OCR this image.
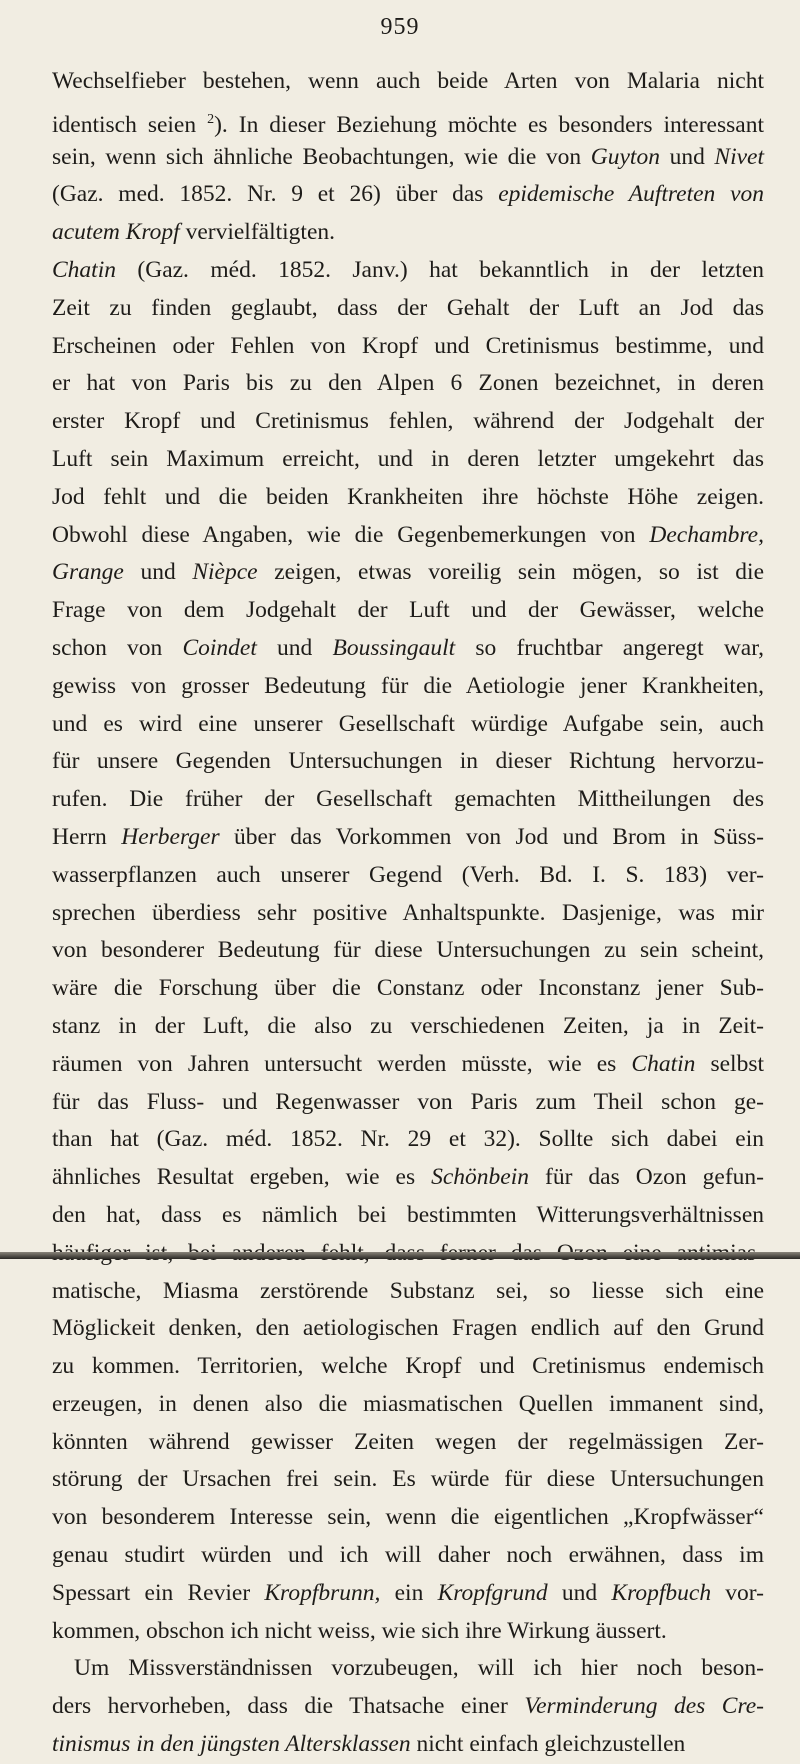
959
Wechselfieber bestehen, wenn auch beide Arten von Malaria nicht
identisch seien $^2$). In dieser Beziehung möchte es besonders interessant
sein, wenn sich ähnliche Beobachtungen, wie die von Guyton und Nivet
(Gaz. med. 1852. Nr. 9 et 26) über das epidemische Auftreten von
acutem Kropf vervielfältigten.
Chatin (Gaz. méd. 1852. Janv.) hat bekanntlich in der letzten
Zeit zu finden geglaubt, dass der Gehalt der Luft an Jod das
Erscheinen oder Fehlen von Kropf und Cretinismus bestimme, und
er hat von Paris bis zu den Alpen 6 Zonen bezeichnet, in deren
erster Kropf und Cretinismus fehlen, während der Jodgehalt der
Luft sein Maximum erreicht, und in deren letzter umgekehrt das
Jod fehlt und die beiden Krankheiten ihre höchste Höhe zeigen.
Obwohl diese Angaben, wie die Gegenbemerkungen von Dechambre,
Grange und Nièpce zeigen, etwas voreilig sein mögen, so ist die
Frage von dem Jodgehalt der Luft und der Gewässer, welche
schon von Coindet und Boussingault so fruchtbar angeregt war,
gewiss von grosser Bedeutung für die Aetiologie jener Krankheiten,
und es wird eine unserer Gesellschaft würdige Aufgabe sein, auch
für unsere Gegenden Untersuchungen in dieser Richtung hervorzu-
rufen. Die früher der Gesellschaft gemachten Mittheilungen des
Herrn Herberger über das Vorkommen von Jod und Brom in Süss-
wasserpflanzen auch unserer Gegend (Verh. Bd. I. S. 183) ver-
sprechen überdiess sehr positive Anhaltspunkte. Dasjenige, was mir
von besonderer Bedeutung für diese Untersuchungen zu sein scheint,
wäre die Forschung über die Constanz oder Inconstanz jener Sub-
stanz in der Luft, die also zu verschiedenen Zeiten, ja in Zeit-
räumen von Jahren untersucht werden müsste, wie es Chatin selbst
für das Fluss- und Regenwasser von Paris zum Theil schon ge-
than hat (Gaz. méd. 1852. Nr. 29 et 32). Sollte sich dabei ein
ähnliches Resultat ergeben, wie es Schönbein für das Ozon gefun-
den hat, dass es nämlich bei bestimmten Witterungsverhältnissen
matische, Miasma zerstörende Substanz sei, so liesse sich eine
Möglickeit denken, den aetiologischen Fragen endlich auf den Grund
zu kommen. Territorien, welche Kropf und Cretinismus endemisch
erzeugen, in denen also die miasmatischen Quellen immanent sind,
könnten während gewisser Zeiten wegen der regelmässigen Zer-
störung der Ursachen frei sein. Es würde für diese Untersuchungen
von besonderem Interesse sein, wenn die eigentlichen „Kropfwässer“
genau studirt würden und ich will daher noch erwähnen, dass im
Spessart ein Revier Kropfbrunn, ein Kropfgrund und Kropfbuch vor-
kommen, obschon ich nicht weiss, wie sich ihre Wirkung äussert.
Um Missverständnissen vorzubeugen, will ich hier noch beson-
ders hervorheben, dass die Thatsache einer Verminderung des Cre-
tinismus in den jüngsten Altersklassen nicht einfach gleichzustellen
